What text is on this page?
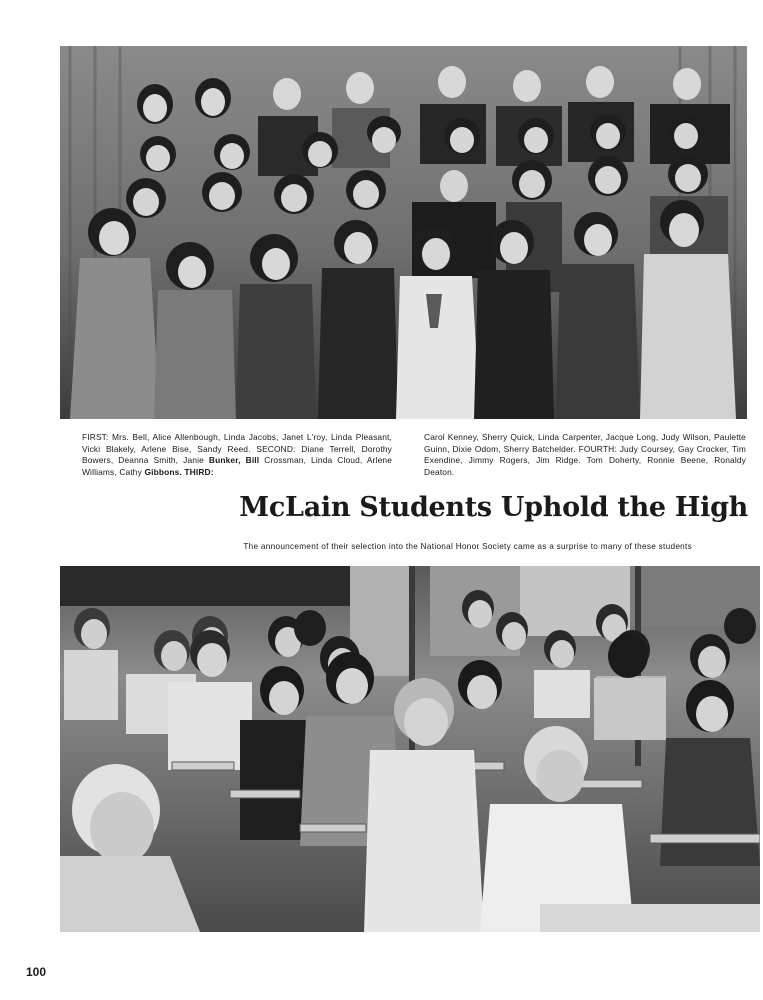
FIRST: Mrs. Bell, Alice Allenbough, Linda Jacobs, Janet L'roy, Linda Pleasant, Vicki Blakely, Arlene Bise, Sandy Reed. SECOND: Diane Terrell, Dorothy Bowers, Deanna Smith, Janie Bunker, Bill Crossman, Linda Cloud, Arlene Williams, Cathy Gibbons. THIRD:
Carol Kenney, Sherry Quick, Linda Carpenter, Jacque Long, Judy Wilson, Paulette Guinn, Dixie Odom, Sherry Batchelder. FOURTH: Judy Coursey, Gay Crocker, Tim Exendine, Jimmy Rogers, Jim Ridge. Tom Doherty, Ronnie Beene, Ronaldy Deaton.
McLain Students Uphold the High
The announcement of their selection into the National Honor Society came as a surprise to many of these students
100
